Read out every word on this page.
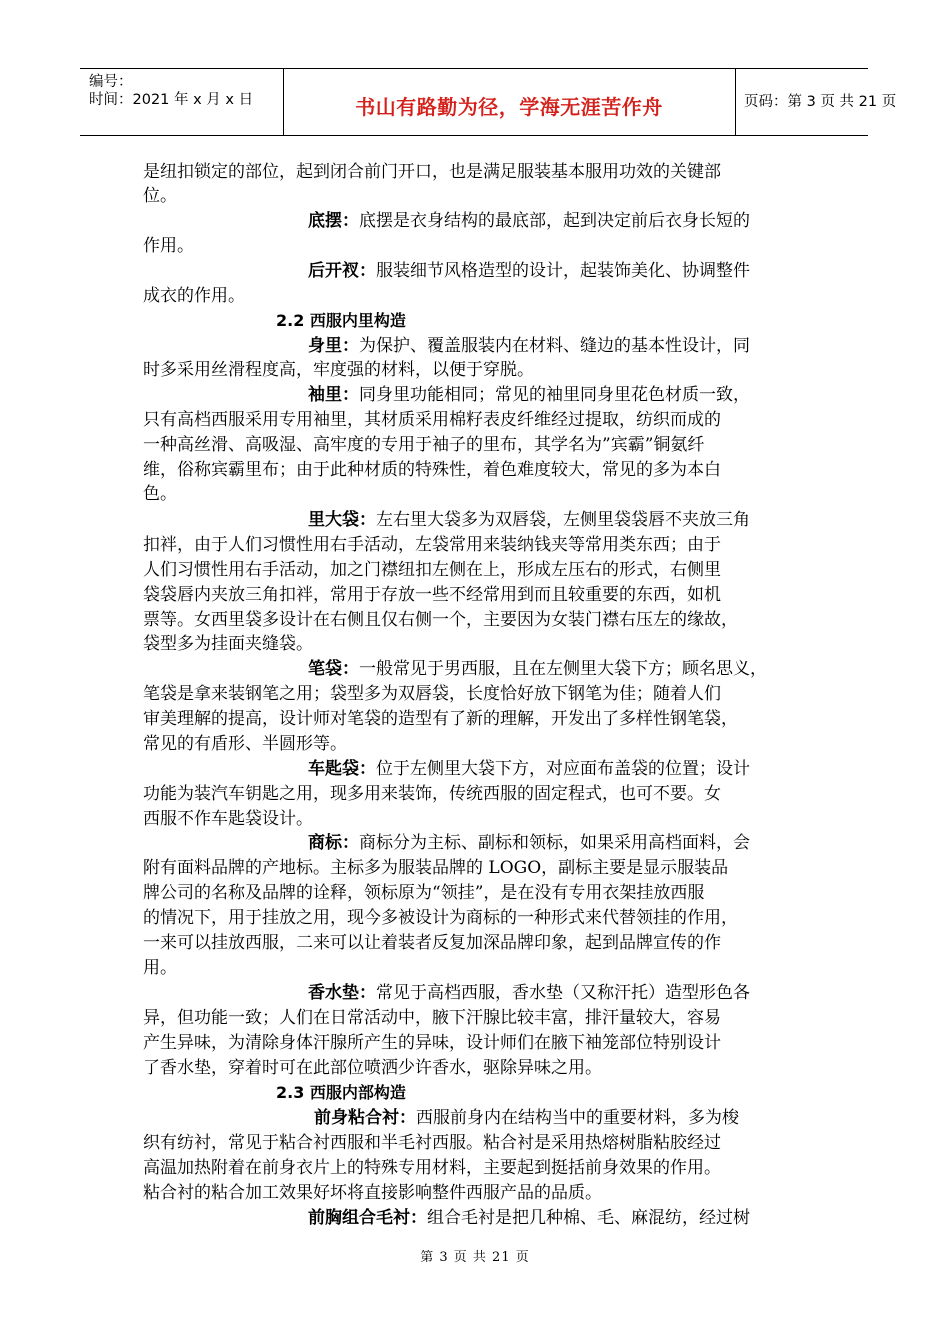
编号：
时间：2021 年 x 月 x 日	书山有路勤为径，学海无涯苦作舟	页码：第 3 页 共 21 页
是纽扣锁定的部位，起到闭合前门开口，也是满足服装基本服用功效的关键部
位。
底摆：底摆是衣身结构的最底部，起到决定前后衣身长短的
作用。
后开衩：服装细节风格造型的设计，起装饰美化、协调整件
成衣的作用。
2.2 西服内里构造
身里：为保护、覆盖服装内在材料、缝边的基本性设计，同
时多采用丝滑程度高，牢度强的材料，以便于穿脱。
袖里：同身里功能相同；常见的袖里同身里花色材质一致，
只有高档西服采用专用袖里，其材质采用棉籽表皮纤维经过提取，纺织而成的
一种高丝滑、高吸湿、高牢度的专用于袖子的里布，其学名为”宾霸”铜氨纤
维，俗称宾霸里布；由于此种材质的特殊性，着色难度较大，常见的多为本白
色。
里大袋：左右里大袋多为双唇袋，左侧里袋袋唇不夹放三角
扣袢，由于人们习惯性用右手活动，左袋常用来装纳钱夹等常用类东西；由于
人们习惯性用右手活动，加之门襟纽扣左侧在上，形成左压右的形式，右侧里
袋袋唇内夹放三角扣袢，常用于存放一些不经常用到而且较重要的东西，如机
票等。女西里袋多设计在右侧且仅右侧一个，主要因为女装门襟右压左的缘故，
袋型多为挂面夹缝袋。
笔袋：一般常见于男西服，且在左侧里大袋下方；顾名思义，
笔袋是拿来装钢笔之用；袋型多为双唇袋，长度恰好放下钢笔为佳；随着人们
审美理解的提高，设计师对笔袋的造型有了新的理解，开发出了多样性钢笔袋，
常见的有盾形、半圆形等。
车匙袋：位于左侧里大袋下方，对应面布盖袋的位置；设计
功能为装汽车钥匙之用，现多用来装饰，传统西服的固定程式，也可不要。女
西服不作车匙袋设计。
商标：商标分为主标、副标和领标，如果采用高档面料，会
附有面料品牌的产地标。主标多为服装品牌的 LOGO，副标主要是显示服装品
牌公司的名称及品牌的诠释，领标原为“领挂”，是在没有专用衣架挂放西服
的情况下，用于挂放之用，现今多被设计为商标的一种形式来代替领挂的作用，
一来可以挂放西服，二来可以让着装者反复加深品牌印象，起到品牌宣传的作
用。
香水垫：常见于高档西服，香水垫（又称汗托）造型形色各
异，但功能一致；人们在日常活动中，腋下汗腺比较丰富，排汗量较大，容易
产生异味，为清除身体汗腺所产生的异味，设计师们在腋下袖笼部位特别设计
了香水垫，穿着时可在此部位喷洒少许香水，驱除异味之用。
2.3 西服内部构造
前身粘合衬：西服前身内在结构当中的重要材料，多为梭
织有纺衬，常见于粘合衬西服和半毛衬西服。粘合衬是采用热熔树脂粘胶经过
高温加热附着在前身衣片上的特殊专用材料，主要起到挺括前身效果的作用。
粘合衬的粘合加工效果好坏将直接影响整件西服产品的品质。
前胸组合毛衬：组合毛衬是把几种棉、毛、麻混纺，经过树
第 3 页 共 21 页
